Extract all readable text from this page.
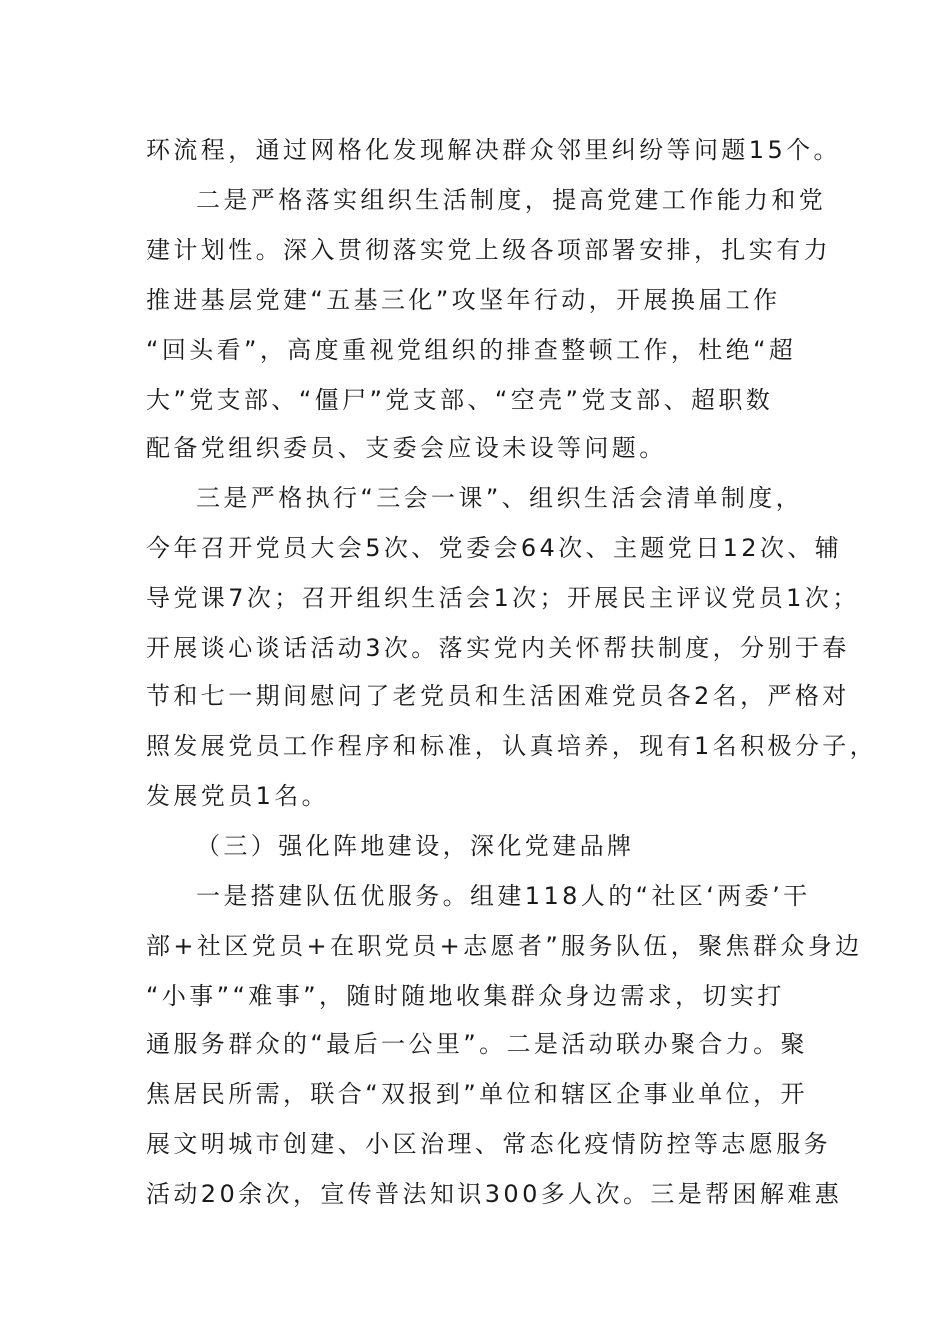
环流程，通过网格化发现解决群众邻里纠纷等问题15个。
二是严格落实组织生活制度，提高党建工作能力和党
建计划性。深入贯彻落实党上级各项部署安排，扎实有力
推进基层党建“五基三化”攻坚年行动，开展换届工作
“回头看”，高度重视党组织的排查整顿工作，杜绝“超
大”党支部、“僵尸”党支部、“空壳”党支部、超职数
配备党组织委员、支委会应设未设等问题。
三是严格执行“三会一课”、组织生活会清单制度，
今年召开党员大会5次、党委会64次、主题党日12次、辅
导党课7次；召开组织生活会1次；开展民主评议党员1次；
开展谈心谈话活动3次。落实党内关怀帮扶制度，分别于春
节和七一期间慰问了老党员和生活困难党员各2名，严格对
照发展党员工作程序和标准，认真培养，现有1名积极分子，
发展党员1名。
（三）强化阵地建设，深化党建品牌
一是搭建队伍优服务。组建118人的“社区‘两委’干
部+社区党员+在职党员+志愿者”服务队伍，聚焦群众身边
“小事”“难事”，随时随地收集群众身边需求，切实打
通服务群众的“最后一公里”。二是活动联办聚合力。聚
焦居民所需，联合“双报到”单位和辖区企事业单位，开
展文明城市创建、小区治理、常态化疫情防控等志愿服务
活动20余次，宣传普法知识300多人次。三是帮困解难惠
